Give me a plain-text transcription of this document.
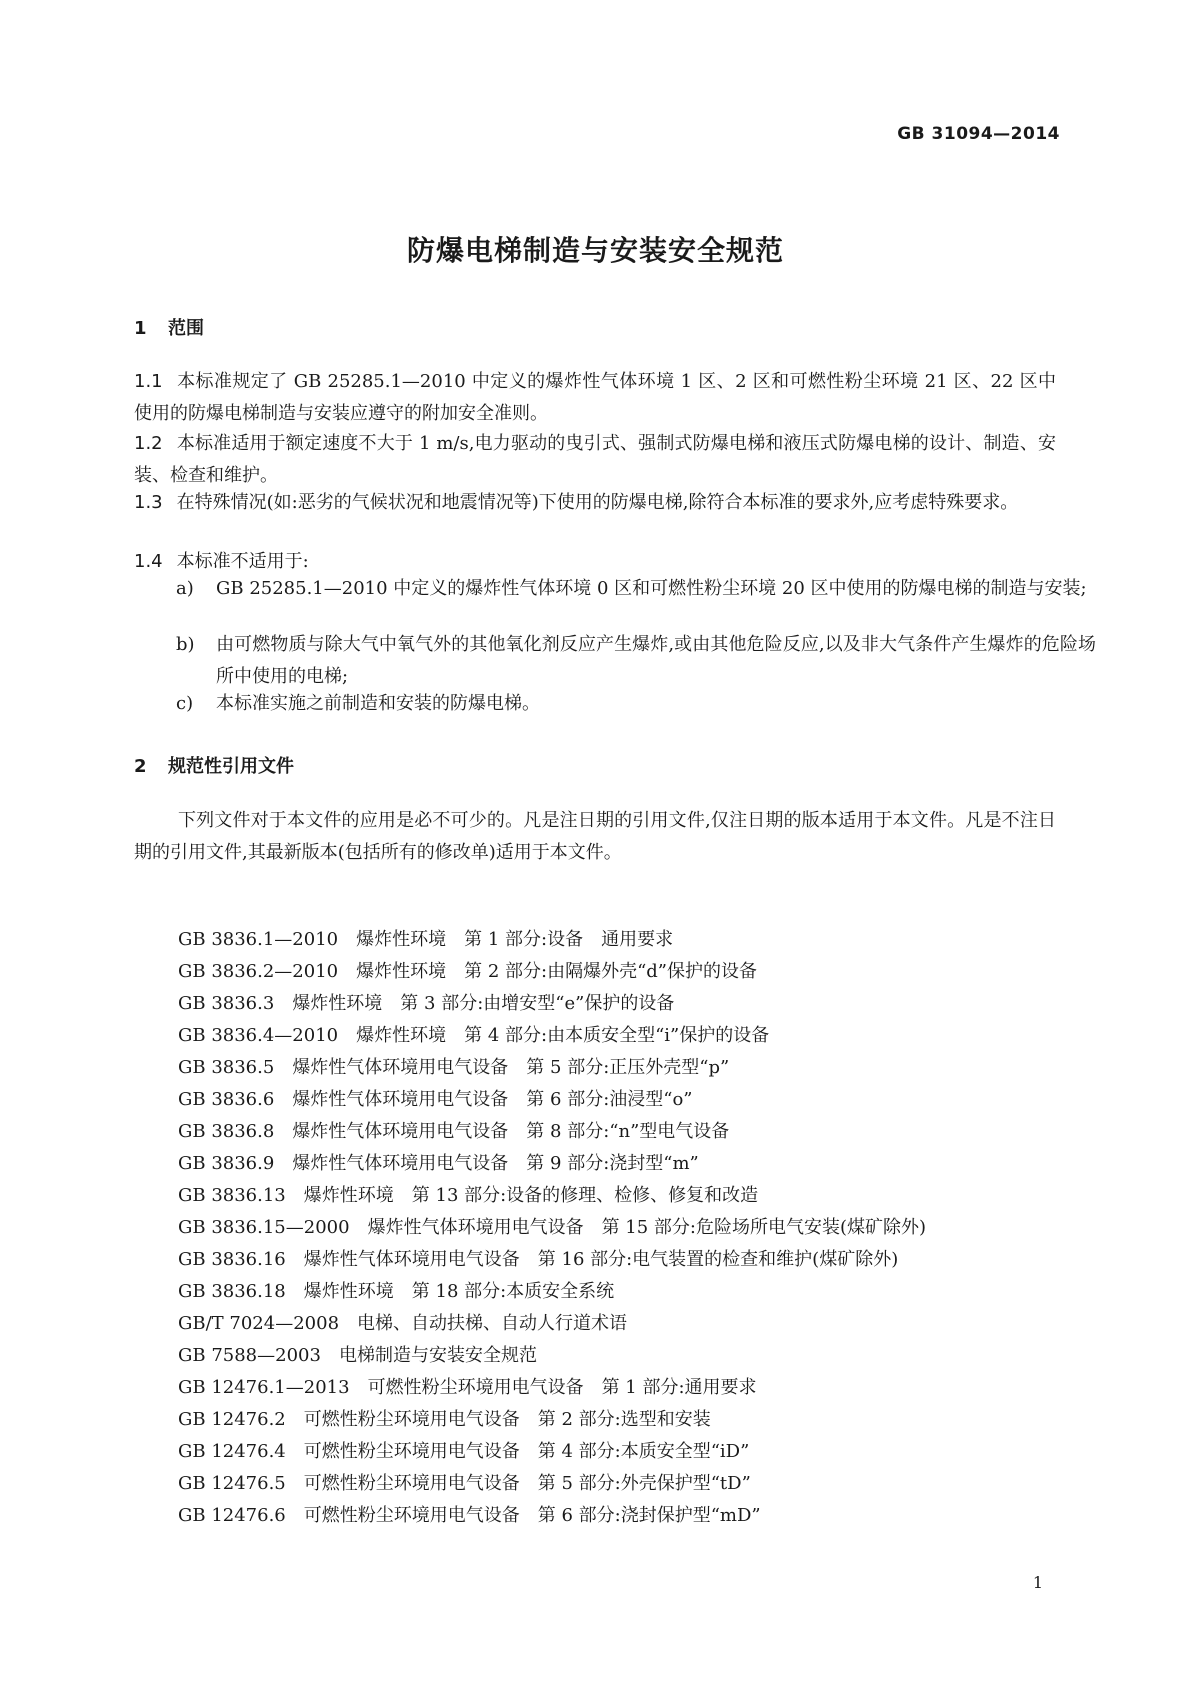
GB 31094—2014
防爆电梯制造与安装安全规范
1 范围
1.1 本标准规定了 GB 25285.1—2010 中定义的爆炸性气体环境 1 区、2 区和可燃性粉尘环境 21 区、22 区中使用的防爆电梯制造与安装应遵守的附加安全准则。
1.2 本标准适用于额定速度不大于 1 m/s,电力驱动的曳引式、强制式防爆电梯和液压式防爆电梯的设计、制造、安装、检查和维护。
1.3 在特殊情况(如:恶劣的气候状况和地震情况等)下使用的防爆电梯,除符合本标准的要求外,应考虑特殊要求。
1.4 本标准不适用于:
a) GB 25285.1—2010 中定义的爆炸性气体环境 0 区和可燃性粉尘环境 20 区中使用的防爆电梯的制造与安装;
b) 由可燃物质与除大气中氧气外的其他氧化剂反应产生爆炸,或由其他危险反应,以及非大气条件产生爆炸的危险场所中使用的电梯;
c) 本标准实施之前制造和安装的防爆电梯。
2 规范性引用文件
下列文件对于本文件的应用是必不可少的。凡是注日期的引用文件,仅注日期的版本适用于本文件。凡是不注日期的引用文件,其最新版本(包括所有的修改单)适用于本文件。
GB 3836.1—2010 爆炸性环境　第 1 部分:设备　通用要求
GB 3836.2—2010 爆炸性环境　第 2 部分:由隔爆外壳“d”保护的设备
GB 3836.3 爆炸性环境　第 3 部分:由增安型“e”保护的设备
GB 3836.4—2010 爆炸性环境　第 4 部分:由本质安全型“i”保护的设备
GB 3836.5 爆炸性气体环境用电气设备　第 5 部分:正压外壳型“p”
GB 3836.6 爆炸性气体环境用电气设备　第 6 部分:油浸型“o”
GB 3836.8 爆炸性气体环境用电气设备　第 8 部分:“n”型电气设备
GB 3836.9 爆炸性气体环境用电气设备　第 9 部分:浇封型“m”
GB 3836.13 爆炸性环境　第 13 部分:设备的修理、检修、修复和改造
GB 3836.15—2000 爆炸性气体环境用电气设备　第 15 部分:危险场所电气安装(煤矿除外)
GB 3836.16 爆炸性气体环境用电气设备　第 16 部分:电气装置的检查和维护(煤矿除外)
GB 3836.18 爆炸性环境　第 18 部分:本质安全系统
GB/T 7024—2008 电梯、自动扶梯、自动人行道术语
GB 7588—2003 电梯制造与安装安全规范
GB 12476.1—2013 可燃性粉尘环境用电气设备　第 1 部分:通用要求
GB 12476.2 可燃性粉尘环境用电气设备　第 2 部分:选型和安装
GB 12476.4 可燃性粉尘环境用电气设备　第 4 部分:本质安全型“iD”
GB 12476.5 可燃性粉尘环境用电气设备　第 5 部分:外壳保护型“tD”
GB 12476.6 可燃性粉尘环境用电气设备　第 6 部分:浇封保护型“mD”
1
